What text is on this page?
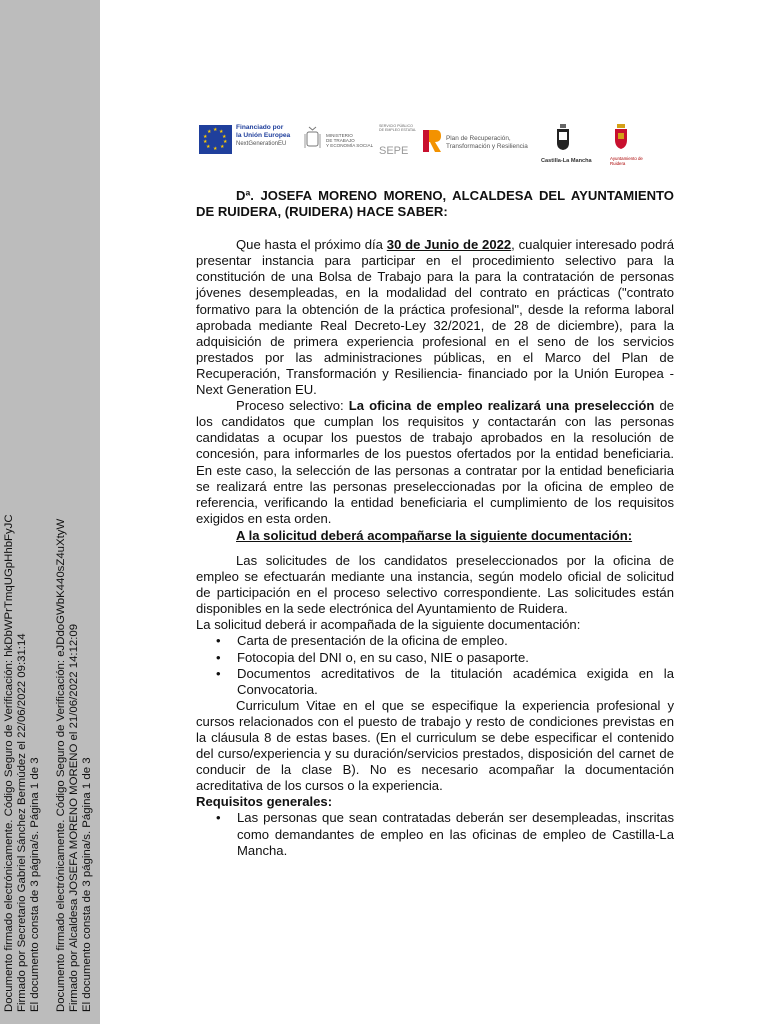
Documento firmado electrónicamente. Código Seguro de Verificación: hkDbWPrTmqUGpHhbFyJC Firmado por Secretario Gabriel Sánchez Bermúdez el 22/06/2022 09:31:14 El documento consta de 3 página/s. Página 1 de 3 Documento firmado electrónicamente. Código Seguro de Verificación: eJDdoGWbK440sZ4uXtyW Firmado por Alcaldesa JOSEFA MORENO MORENO el 21/06/2022 14:12:09 El documento consta de 3 página/s. Página 1 de 3
★ ★
★
★
★
★
★
★
★
★
Financiado por
la Unión Europea
NextGenerationEU
MINISTERIO
DE TRABAJO
Y ECONOMÍA SOCIAL
SERVICIO PÚBLICO
DE EMPLEO ESTATAL
SEPE
Plan de Recuperación,
Transformación y Resiliencia
Castilla-La Mancha	Ayuntamiento de
Ruidera

Dª. JOSEFA MORENO MORENO, ALCALDESA DEL AYUNTAMIENTO DE RUIDERA, (RUIDERA) HACE SABER:

Que hasta el próximo día 30 de Junio de 2022, cualquier interesado podrá presentar instancia para participar en el procedimiento selectivo para la constitución de una Bolsa de Trabajo para la para la contratación de personas jóvenes desempleadas, en la modalidad del contrato en prácticas ("contrato formativo para la obtención de la práctica profesional", desde la reforma laboral aprobada mediante Real Decreto-Ley 32/2021, de 28 de diciembre), para la adquisición de primera experiencia profesional en el seno de los servicios prestados por las administraciones públicas, en el Marco del Plan de Recuperación, Transformación y Resiliencia- financiado por la Unión Europea -Next Generation EU.

Proceso selectivo: La oficina de empleo realizará una preselección de los candidatos que cumplan los requisitos y contactarán con las personas candidatas a ocupar los puestos de trabajo aprobados en la resolución de concesión, para informarles de los puestos ofertados por la entidad beneficiaria. En este caso, la selección de las personas a contratar por la entidad beneficiaria se realizará entre las personas preseleccionadas por la oficina de empleo de referencia, verificando la entidad beneficiaria el cumplimiento de los requisitos exigidos en esta orden.

A la solicitud deberá acompañarse la siguiente documentación:

Las solicitudes de los candidatos preseleccionados por la oficina de empleo se efectuarán mediante una instancia, según modelo oficial de solicitud de participación en el proceso selectivo correspondiente. Las solicitudes están disponibles en la sede electrónica del Ayuntamiento de Ruidera.

La solicitud deberá ir acompañada de la siguiente documentación:

• Carta de presentación de la oficina de empleo.
• Fotocopia del DNI o, en su caso, NIE o pasaporte.
• Documentos acreditativos de la titulación académica exigida en la Convocatoria.

Curriculum Vitae en el que se especifique la experiencia profesional y cursos relacionados con el puesto de trabajo y resto de condiciones previstas en la cláusula 8 de estas bases. (En el curriculum se debe especificar el contenido del curso/experiencia y su duración/servicios prestados, disposición del carnet de conducir de la clase B). No es necesario acompañar la documentación acreditativa de los cursos o la experiencia.

Requisitos generales:

• Las personas que sean contratadas deberán ser desempleadas, inscritas como demandantes de empleo en las oficinas de empleo de Castilla-La Mancha.
